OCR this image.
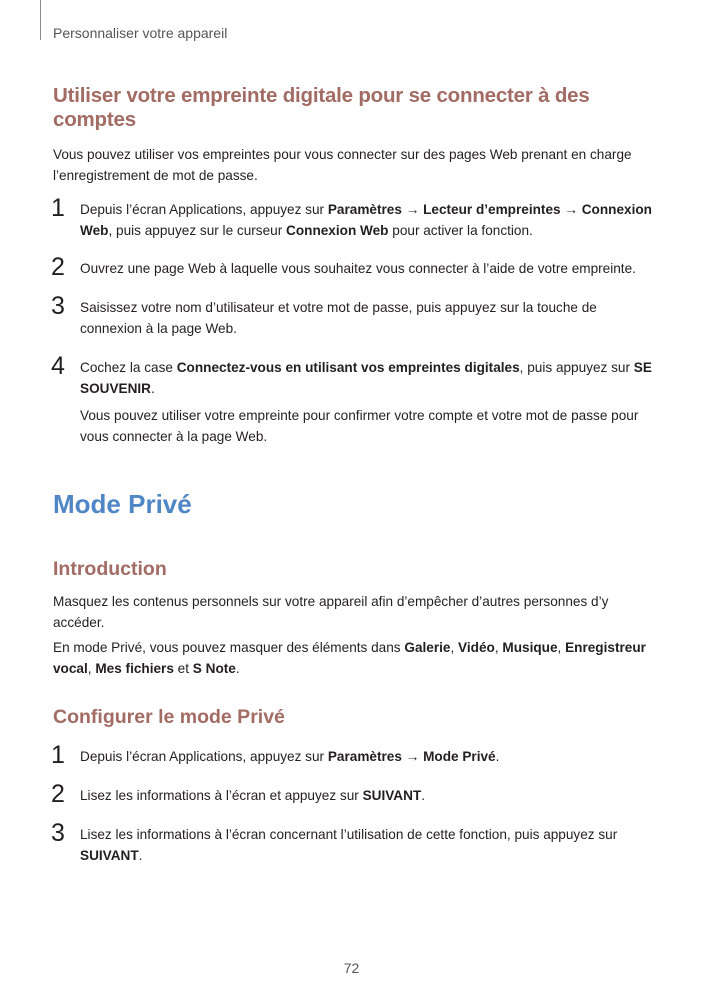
Personnaliser votre appareil
Utiliser votre empreinte digitale pour se connecter à des comptes

Vous pouvez utiliser vos empreintes pour vous connecter sur des pages Web prenant en charge l’enregistrement de mot de passe.

1 Depuis l’écran Applications, appuyez sur Paramètres → Lecteur d’empreintes → Connexion Web, puis appuyez sur le curseur Connexion Web pour activer la fonction.

2 Ouvrez une page Web à laquelle vous souhaitez vous connecter à l’aide de votre empreinte.

3 Saisissez votre nom d’utilisateur et votre mot de passe, puis appuyez sur la touche de connexion à la page Web.

4 Cochez la case Connectez-vous en utilisant vos empreintes digitales, puis appuyez sur SE SOUVENIR.

Vous pouvez utiliser votre empreinte pour confirmer votre compte et votre mot de passe pour vous connecter à la page Web.

Mode Privé
Introduction

Masquez les contenus personnels sur votre appareil afin d’empêcher d’autres personnes d’y accéder.

En mode Privé, vous pouvez masquer des éléments dans Galerie, Vidéo, Musique, Enregistreur vocal, Mes fichiers et S Note.

Configurer le mode Privé
1 Depuis l’écran Applications, appuyez sur Paramètres → Mode Privé.

2 Lisez les informations à l’écran et appuyez sur SUIVANT.

3 Lisez les informations à l’écran concernant l’utilisation de cette fonction, puis appuyez sur SUIVANT.

72
